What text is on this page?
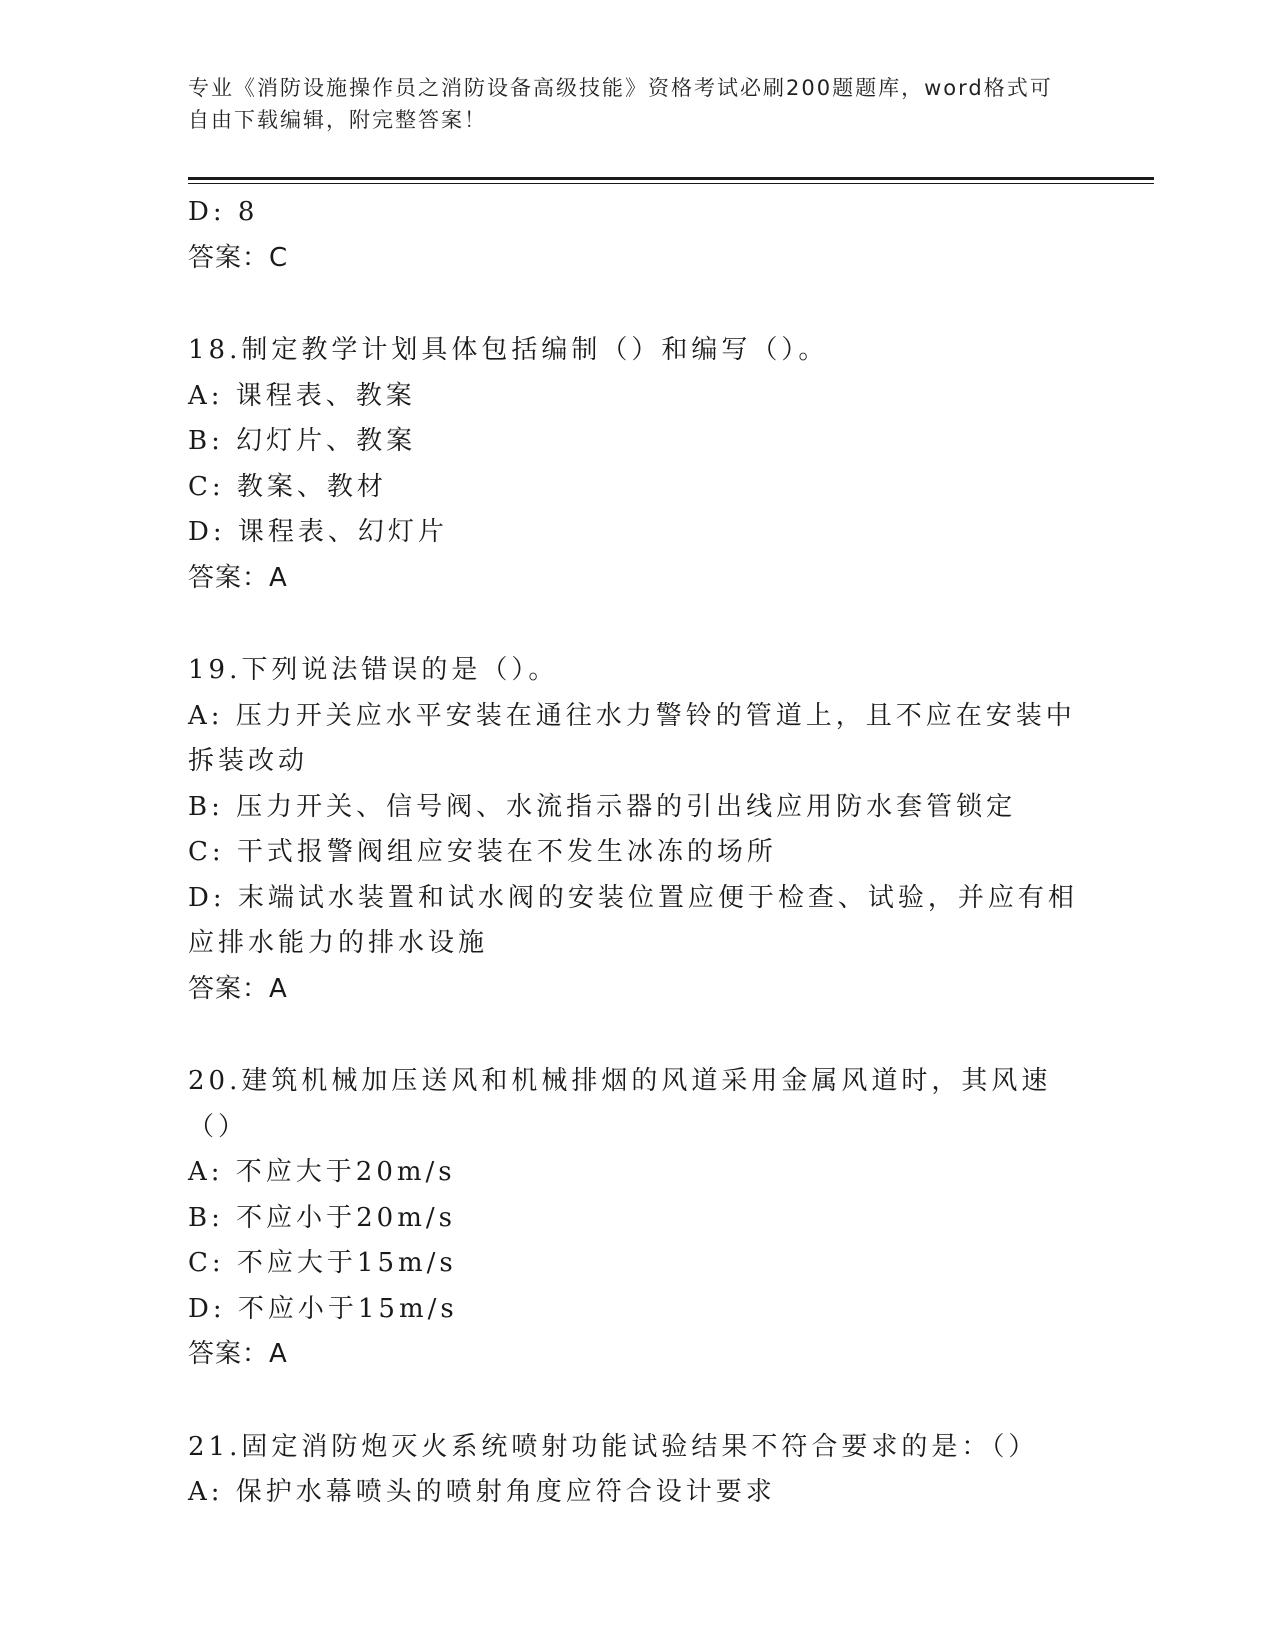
专业《消防设施操作员之消防设备高级技能》资格考试必刷200题题库，word格式可自由下载编辑，附完整答案！
D: 8
答案：C
18.制定教学计划具体包括编制（）和编写（）。
A: 课程表、教案
B: 幻灯片、教案
C: 教案、教材
D: 课程表、幻灯片
答案：A
19.下列说法错误的是（）。
A: 压力开关应水平安装在通往水力警铃的管道上，且不应在安装中拆装改动
B: 压力开关、信号阀、水流指示器的引出线应用防水套管锁定
C: 干式报警阀组应安装在不发生冰冻的场所
D: 末端试水装置和试水阀的安装位置应便于检查、试验，并应有相应排水能力的排水设施
答案：A
20.建筑机械加压送风和机械排烟的风道采用金属风道时，其风速（）
A: 不应大于20m/s
B: 不应小于20m/s
C: 不应大于15m/s
D: 不应小于15m/s
答案：A
21.固定消防炮灭火系统喷射功能试验结果不符合要求的是：（）
A: 保护水幕喷头的喷射角度应符合设计要求
